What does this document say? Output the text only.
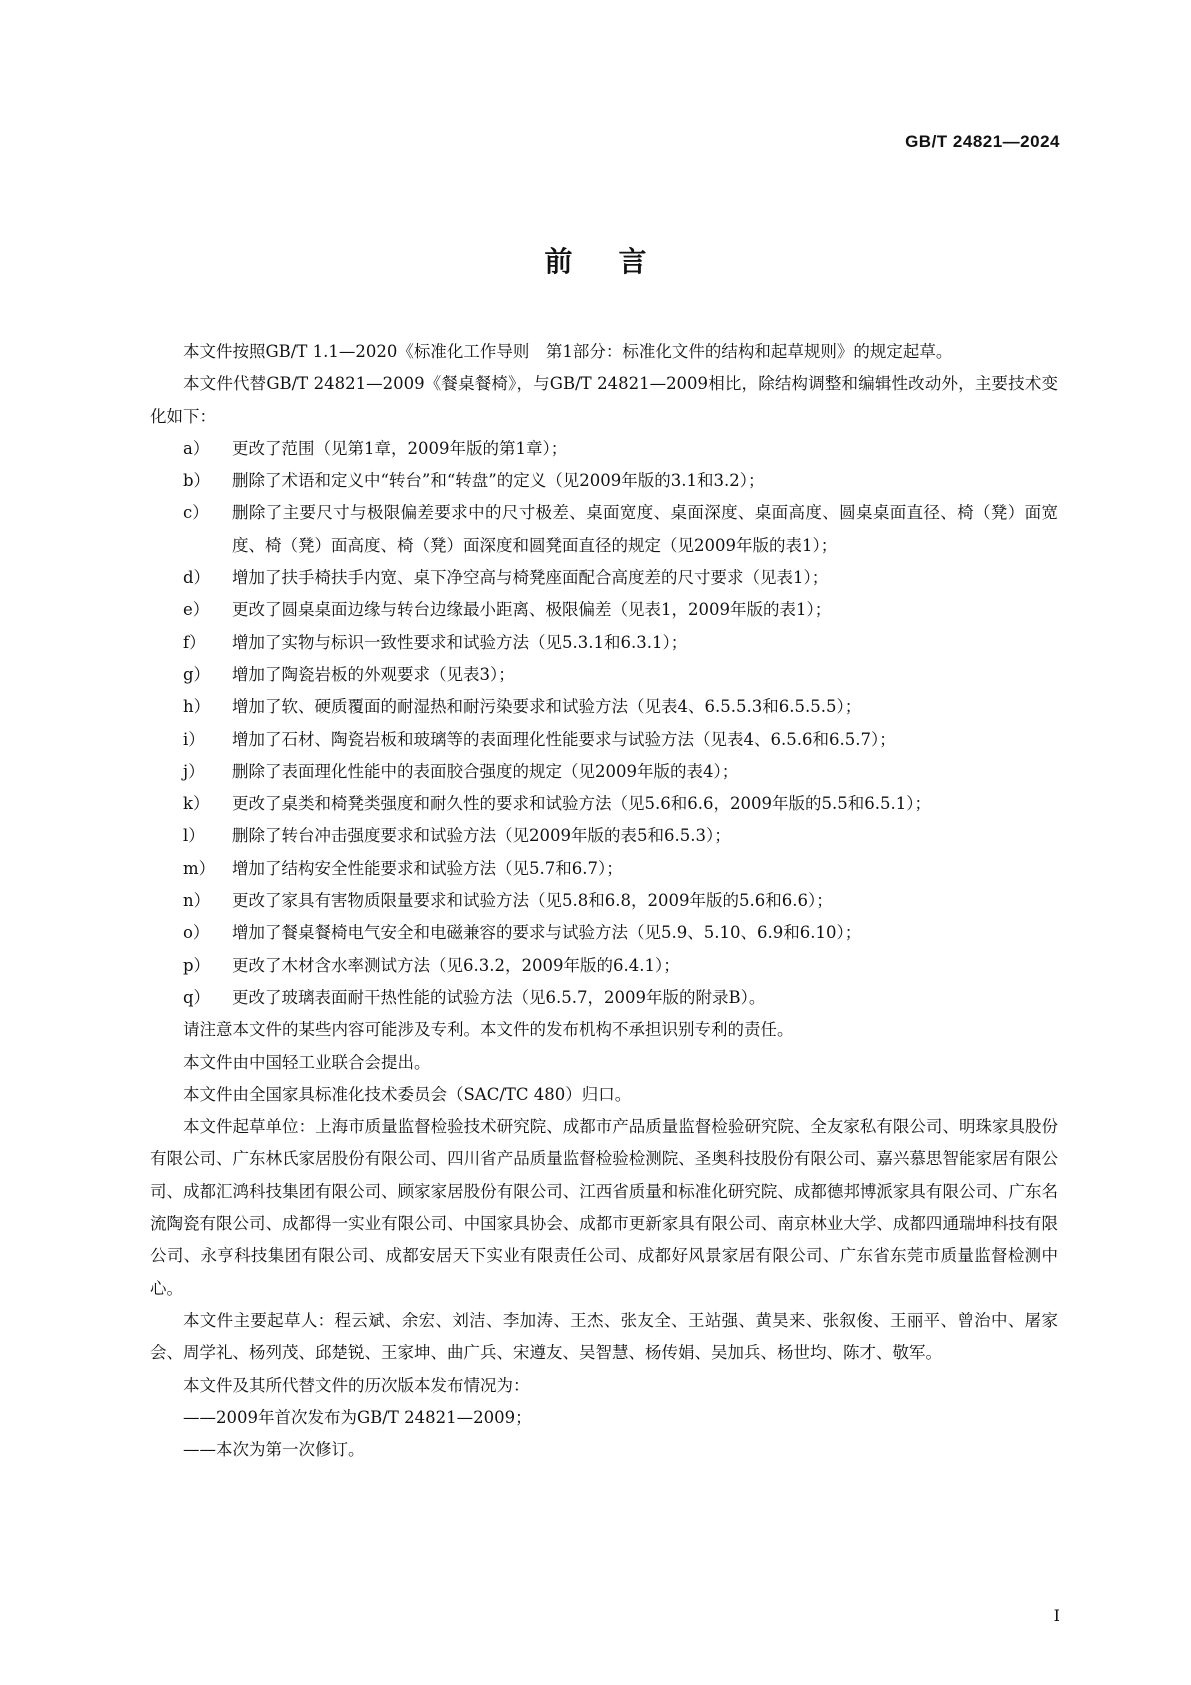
GB/T 24821—2024
前言

本文件按照GB/T 1.1—2020《标准化工作导则　第1部分：标准化文件的结构和起草规则》的规定起草。

本文件代替GB/T 24821—2009《餐桌餐椅》，与GB/T 24821—2009相比，除结构调整和编辑性改动外，主要技术变化如下：

a）	更改了范围（见第1章，2009年版的第1章）；
b）	删除了术语和定义中“转台”和“转盘”的定义（见2009年版的3.1和3.2）；
c）	删除了主要尺寸与极限偏差要求中的尺寸极差、桌面宽度、桌面深度、桌面高度、圆桌桌面直径、椅（凳）面宽度、椅（凳）面高度、椅（凳）面深度和圆凳面直径的规定（见2009年版的表1）；
d）	增加了扶手椅扶手内宽、桌下净空高与椅凳座面配合高度差的尺寸要求（见表1）；
e）	更改了圆桌桌面边缘与转台边缘最小距离、极限偏差（见表1，2009年版的表1）；
f）	增加了实物与标识一致性要求和试验方法（见5.3.1和6.3.1）；
g）	增加了陶瓷岩板的外观要求（见表3）；
h）	增加了软、硬质覆面的耐湿热和耐污染要求和试验方法（见表4、6.5.5.3和6.5.5.5）；
i）	增加了石材、陶瓷岩板和玻璃等的表面理化性能要求与试验方法（见表4、6.5.6和6.5.7）；
j）	删除了表面理化性能中的表面胶合强度的规定（见2009年版的表4）；
k）	更改了桌类和椅凳类强度和耐久性的要求和试验方法（见5.6和6.6，2009年版的5.5和6.5.1）；
l）	删除了转台冲击强度要求和试验方法（见2009年版的表5和6.5.3）；
m）	增加了结构安全性能要求和试验方法（见5.7和6.7）；
n）	更改了家具有害物质限量要求和试验方法（见5.8和6.8，2009年版的5.6和6.6）；
o）	增加了餐桌餐椅电气安全和电磁兼容的要求与试验方法（见5.9、5.10、6.9和6.10）；
p）	更改了木材含水率测试方法（见6.3.2，2009年版的6.4.1）；
q）	更改了玻璃表面耐干热性能的试验方法（见6.5.7，2009年版的附录B）。

请注意本文件的某些内容可能涉及专利。本文件的发布机构不承担识别专利的责任。

本文件由中国轻工业联合会提出。

本文件由全国家具标准化技术委员会（SAC/TC 480）归口。

本文件起草单位：上海市质量监督检验技术研究院、成都市产品质量监督检验研究院、全友家私有限公司、明珠家具股份有限公司、广东林氏家居股份有限公司、四川省产品质量监督检验检测院、圣奥科技股份有限公司、嘉兴慕思智能家居有限公司、成都汇鸿科技集团有限公司、顾家家居股份有限公司、江西省质量和标准化研究院、成都德邦博派家具有限公司、广东名流陶瓷有限公司、成都得一实业有限公司、中国家具协会、成都市更新家具有限公司、南京林业大学、成都四通瑞坤科技有限公司、永亨科技集团有限公司、成都安居天下实业有限责任公司、成都好风景家居有限公司、广东省东莞市质量监督检测中心。

本文件主要起草人：程云斌、余宏、刘洁、李加涛、王杰、张友全、王站强、黄昊来、张叙俊、王丽平、曾治中、屠家会、周学礼、杨列茂、邱楚锐、王家坤、曲广兵、宋遵友、吴智慧、杨传娟、吴加兵、杨世均、陈才、敬军。

本文件及其所代替文件的历次版本发布情况为：

——2009年首次发布为GB/T 24821—2009；

——本次为第一次修订。

Ⅰ
